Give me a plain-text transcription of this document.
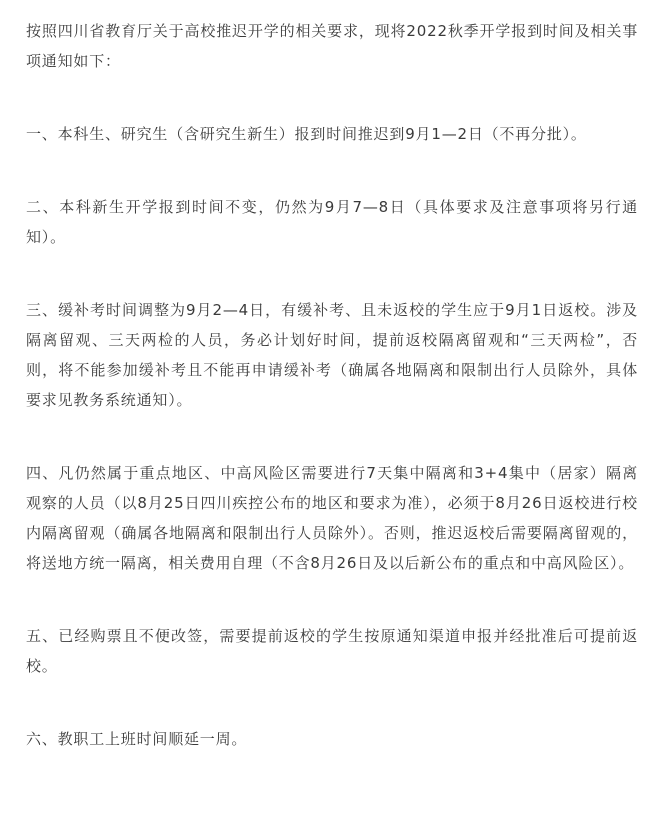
按照四川省教育厅关于高校推迟开学的相关要求，现将2022秋季开学报到时间及相关事项通知如下：

一、本科生、研究生（含研究生新生）报到时间推迟到9月1—2日（不再分批）。

二、本科新生开学报到时间不变，仍然为9月7—8日（具体要求及注意事项将另行通知）。

三、缓补考时间调整为9月2—4日，有缓补考、且未返校的学生应于9月1日返校。涉及隔离留观、三天两检的人员，务必计划好时间，提前返校隔离留观和“三天两检”，否则，将不能参加缓补考且不能再申请缓补考（确属各地隔离和限制出行人员除外，具体要求见教务系统通知）。

四、凡仍然属于重点地区、中高风险区需要进行7天集中隔离和3+4集中（居家）隔离观察的人员（以8月25日四川疾控公布的地区和要求为准），必须于8月26日返校进行校内隔离留观（确属各地隔离和限制出行人员除外）。否则，推迟返校后需要隔离留观的，将送地方统一隔离，相关费用自理（不含8月26日及以后新公布的重点和中高风险区）。

五、已经购票且不便改签，需要提前返校的学生按原通知渠道申报并经批准后可提前返校。

六、教职工上班时间顺延一周。
